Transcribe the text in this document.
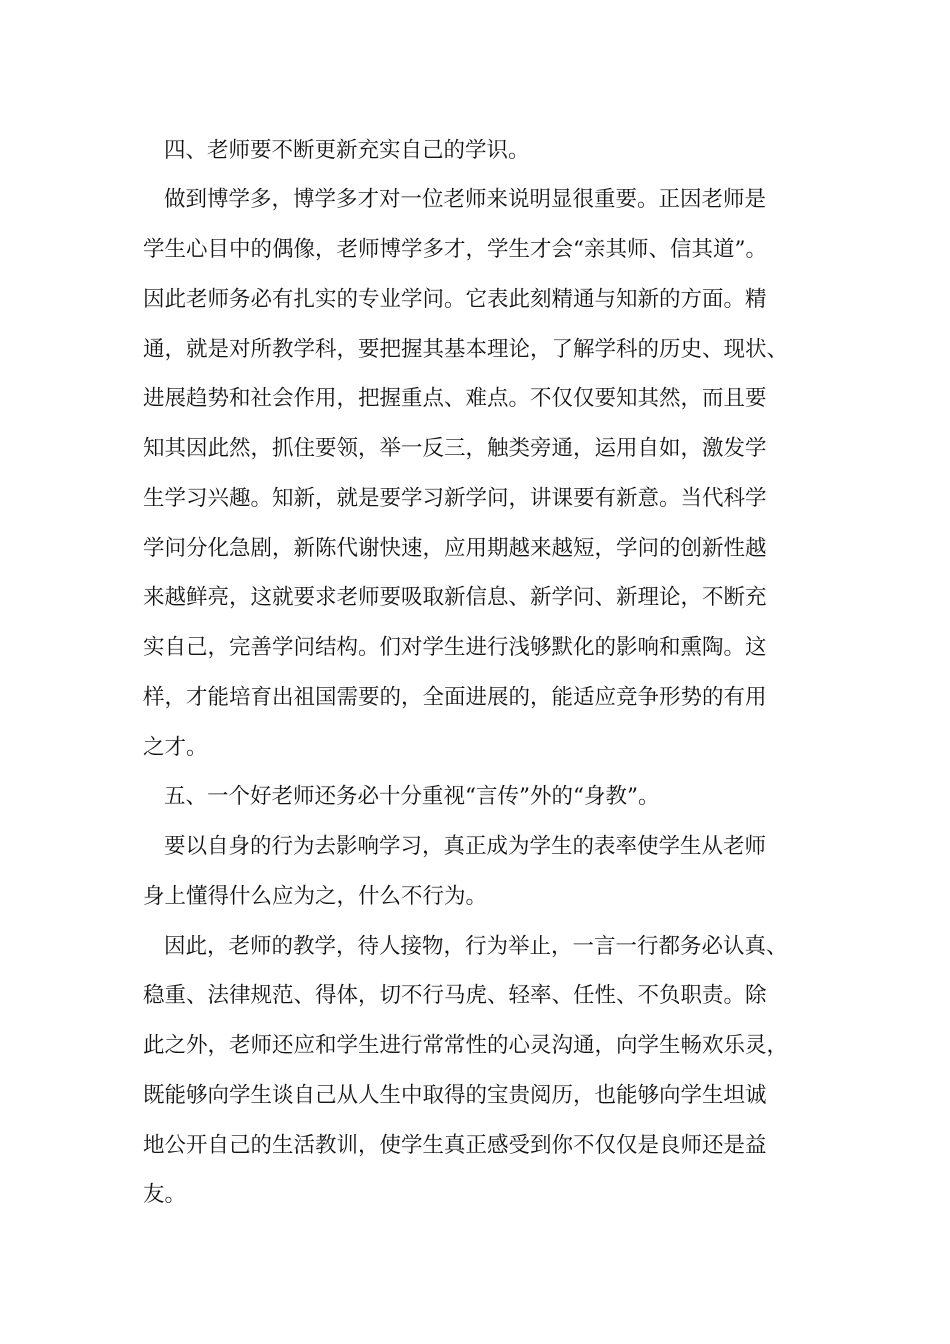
四、老师要不断更新充实自己的学识。

做到博学多，博学多才对一位老师来说明显很重要。正因老师是

学生心目中的偶像，老师博学多才，学生才会“亲其师、信其道”。

因此老师务必有扎实的专业学问。它表此刻精通与知新的方面。精

通，就是对所教学科，要把握其基本理论，了解学科的历史、现状、

进展趋势和社会作用，把握重点、难点。不仅仅要知其然，而且要

知其因此然，抓住要领，举一反三，触类旁通，运用自如，激发学

生学习兴趣。知新，就是要学习新学问，讲课要有新意。当代科学

学问分化急剧，新陈代谢快速，应用期越来越短，学问的创新性越

来越鲜亮，这就要求老师要吸取新信息、新学问、新理论，不断充

实自己，完善学问结构。们对学生进行浅够默化的影响和熏陶。这

样，才能培育出祖国需要的，全面进展的，能适应竞争形势的有用

之才。

五、一个好老师还务必十分重视“言传”外的“身教”。

要以自身的行为去影响学习，真正成为学生的表率使学生从老师

身上懂得什么应为之，什么不行为。

因此，老师的教学，待人接物，行为举止，一言一行都务必认真、

稳重、法律规范、得体，切不行马虎、轻率、任性、不负职责。除

此之外，老师还应和学生进行常常性的心灵沟通，向学生畅欢乐灵，

既能够向学生谈自己从人生中取得的宝贵阅历，也能够向学生坦诚

地公开自己的生活教训，使学生真正感受到你不仅仅是良师还是益

友。
